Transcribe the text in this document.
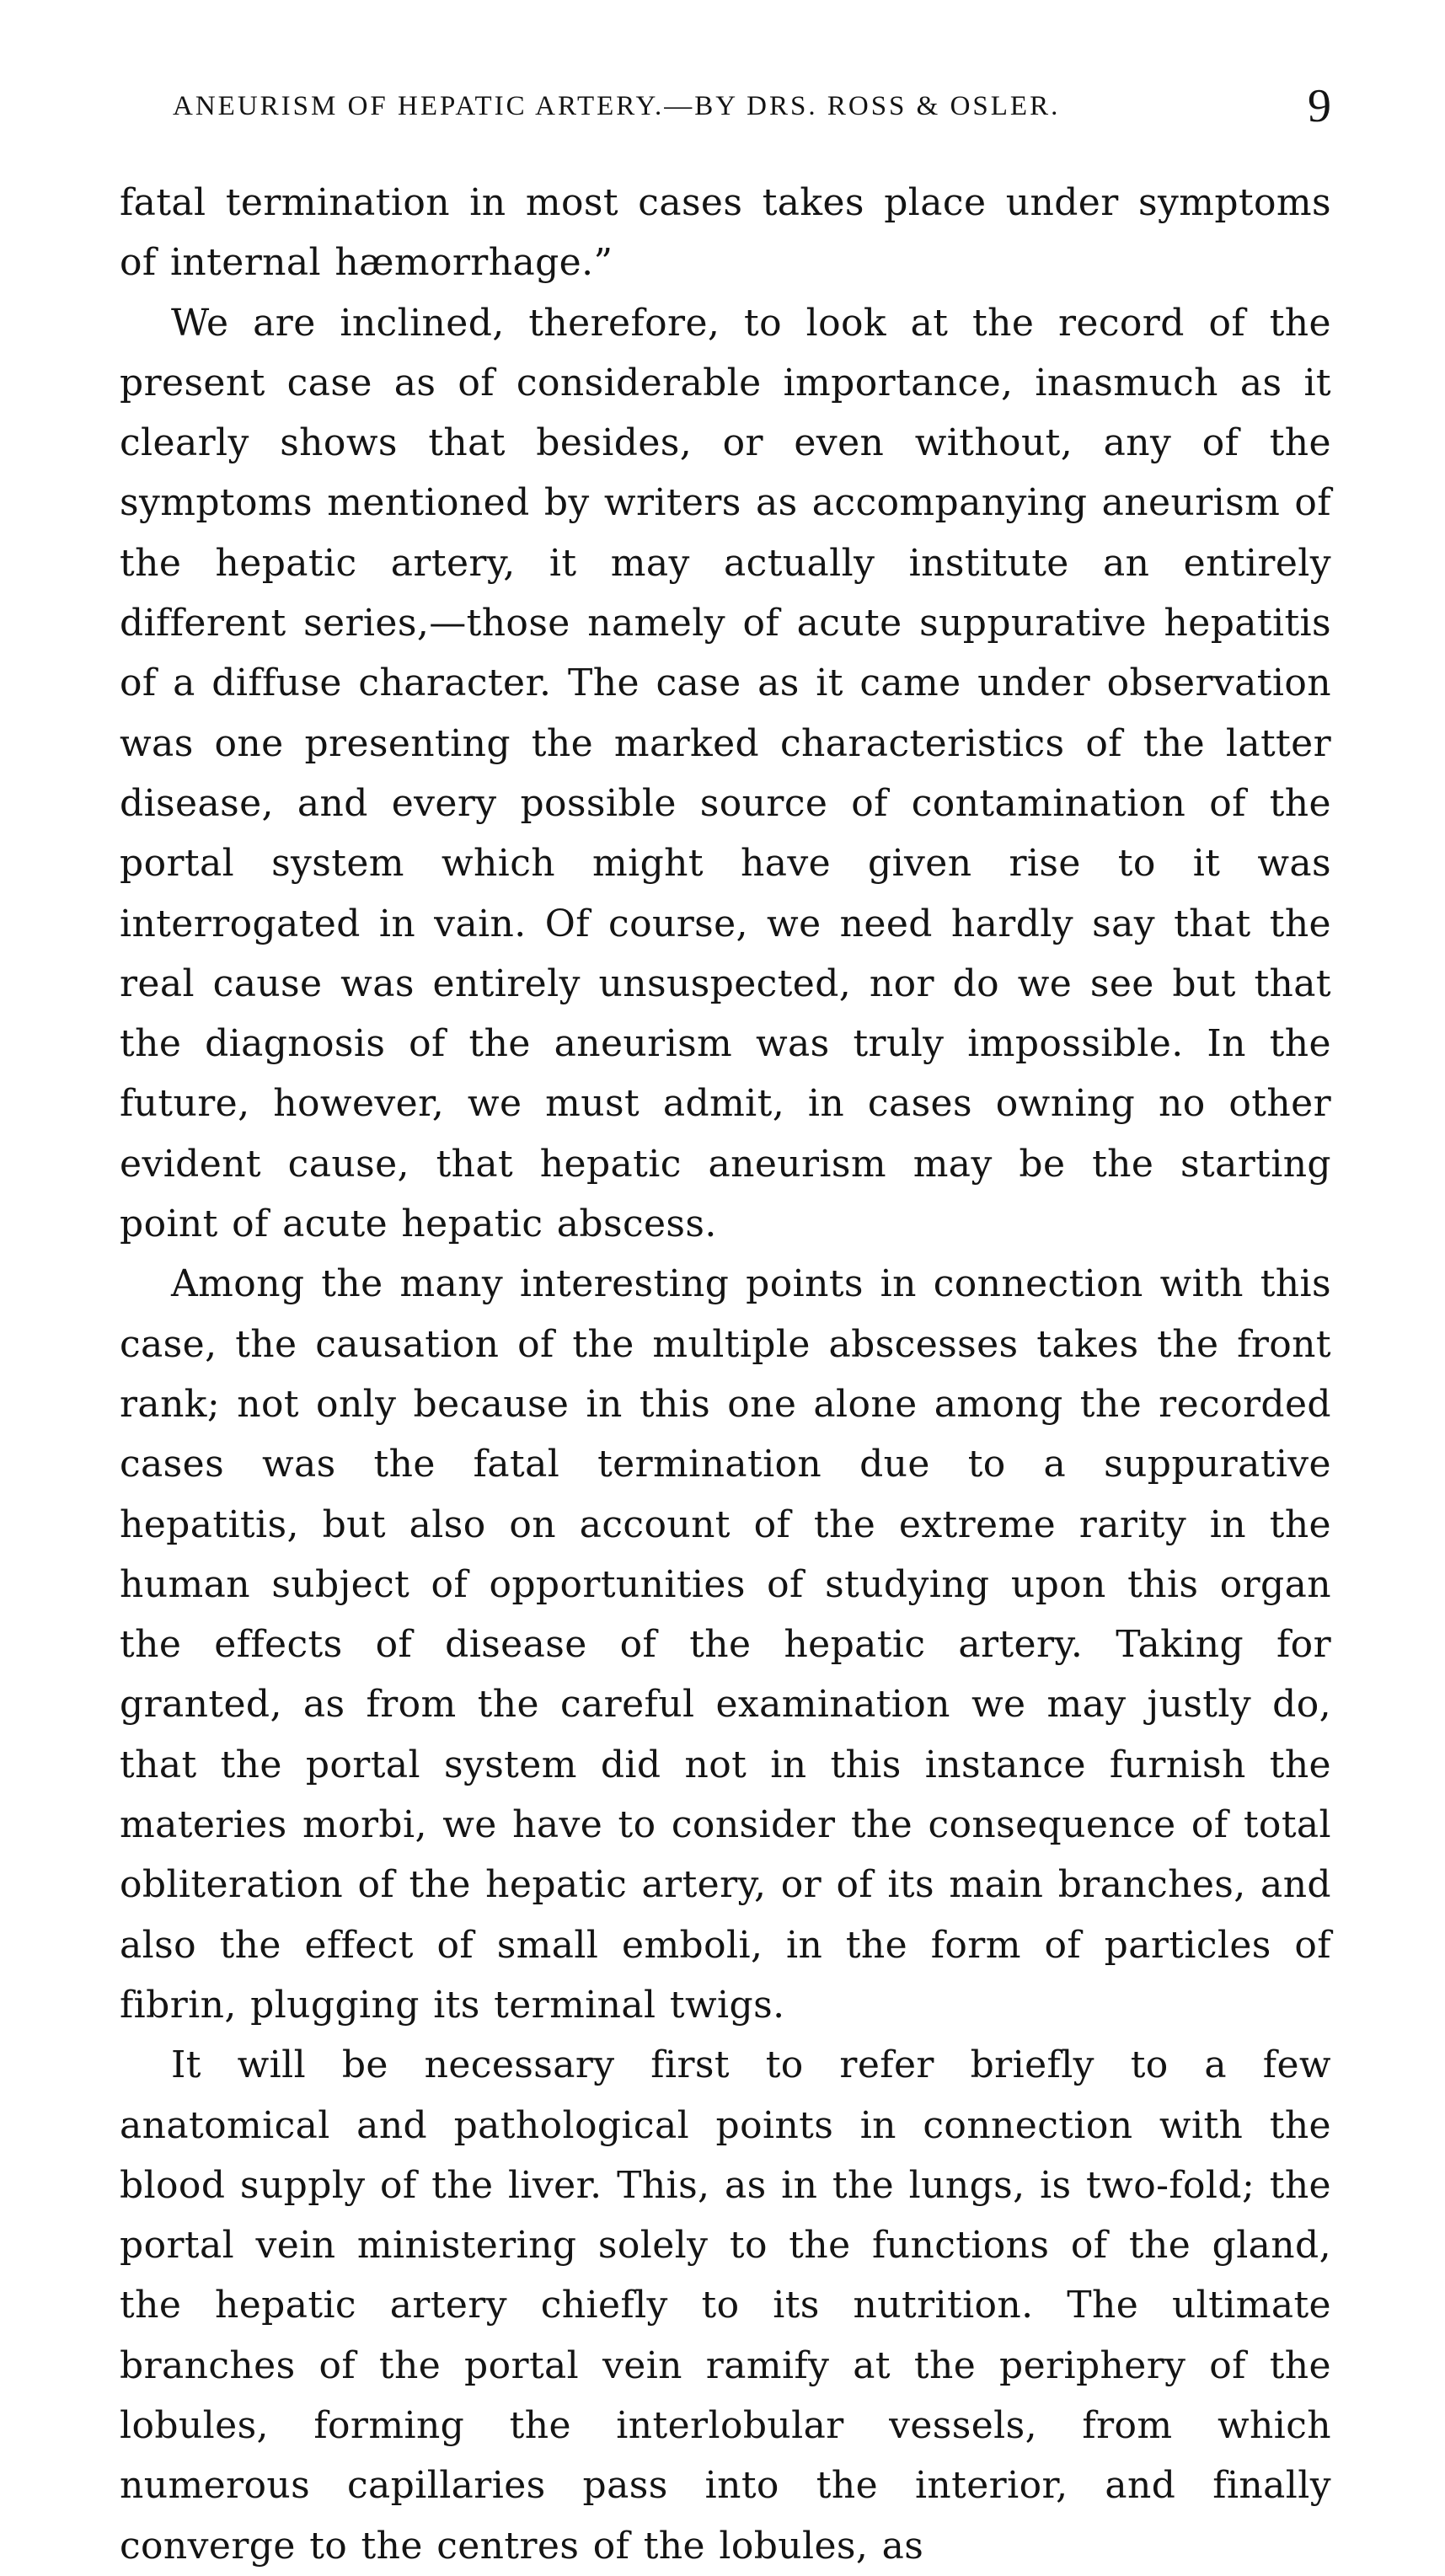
ANEURISM OF HEPATIC ARTERY.—BY DRS. ROSS & OSLER.	9

fatal termination in most cases takes place under symptoms of internal hæmorrhage.”

We are inclined, therefore, to look at the record of the present case as of considerable importance, inasmuch as it clearly shows that besides, or even without, any of the symptoms mentioned by writers as accompanying aneurism of the hepatic artery, it may actually institute an entirely different series,—those namely of acute suppurative hepatitis of a diffuse character. The case as it came under observation was one presenting the marked characteristics of the latter disease, and every possible source of contamination of the portal system which might have given rise to it was interrogated in vain. Of course, we need hardly say that the real cause was entirely unsuspected, nor do we see but that the diagnosis of the aneurism was truly impossible. In the future, however, we must admit, in cases owning no other evident cause, that hepatic aneurism may be the starting point of acute hepatic abscess.

Among the many interesting points in connection with this case, the causation of the multiple abscesses takes the front rank; not only because in this one alone among the recorded cases was the fatal termination due to a suppurative hepatitis, but also on account of the extreme rarity in the human subject of opportunities of studying upon this organ the effects of disease of the hepatic artery. Taking for granted, as from the careful examination we may justly do, that the portal system did not in this instance furnish the materies morbi, we have to consider the consequence of total obliteration of the hepatic artery, or of its main branches, and also the effect of small emboli, in the form of particles of fibrin, plugging its terminal twigs.

It will be necessary first to refer briefly to a few anatomical and pathological points in connection with the blood supply of the liver. This, as in the lungs, is two-fold; the portal vein ministering solely to the functions of the gland, the hepatic artery chiefly to its nutrition. The ultimate branches of the portal vein ramify at the periphery of the lobules, forming the interlobular vessels, from which numerous capillaries pass into the interior, and finally converge to the centres of the lobules, as
